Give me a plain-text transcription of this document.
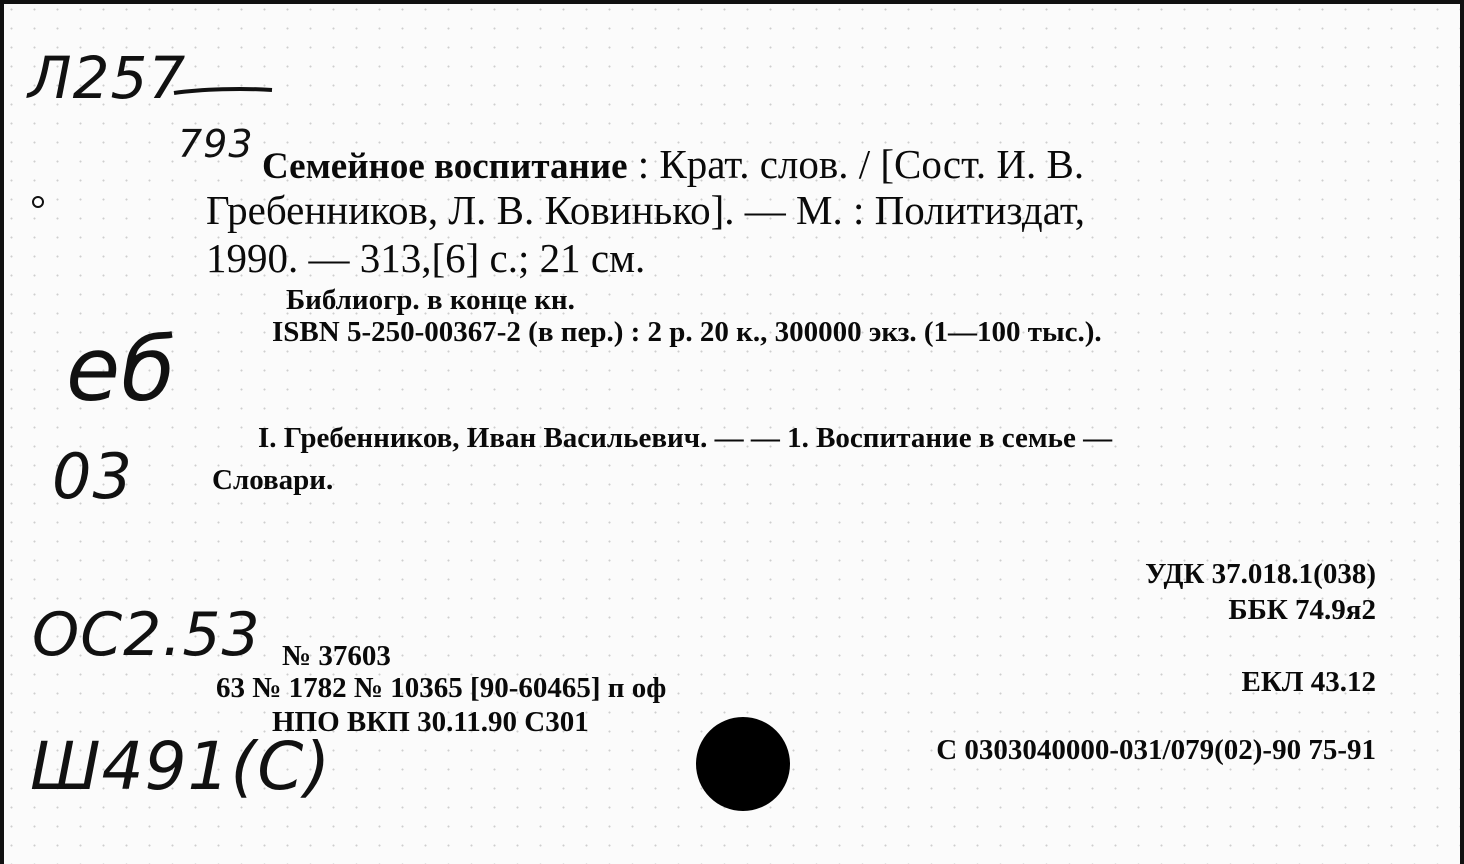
Л257
793
еб
03
ОС2.53
Ш491(С)
Семейное воспитание : Крат. слов. / [Сост. И. В.
Гребенников, Л. В. Ковинько]. — М. : Политиздат,
1990. — 313,[6] с.; 21 см.
Библиогр. в конце кн.
ISBN 5-250-00367-2 (в пер.) : 2 р. 20 к., 300000 экз. (1—100 тыс.).
I. Гребенников, Иван Васильевич. — — 1. Воспитание в семье —
Словари.
УДК 37.018.1(038)
ББК 74.9я2
ЕКЛ 43.12
С 0303040000-031/079(02)-90 75-91
№ 37603
63 № 1782 № 10365 [90-60465] п оф
НПО ВКП 30.11.90 С301
